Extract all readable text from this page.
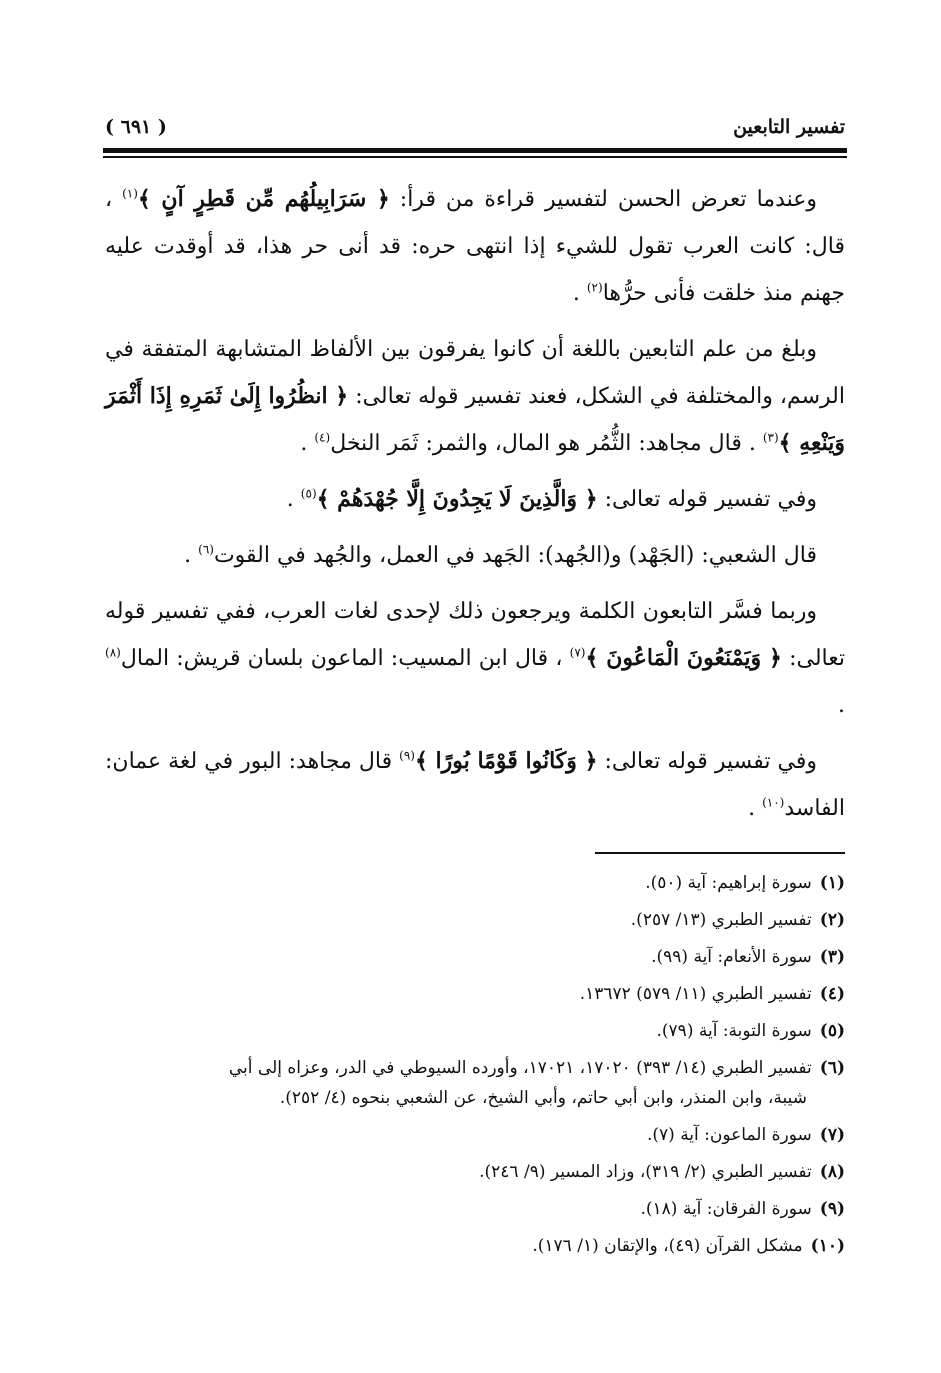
تفسير التابعين
( ٦٩١ )

وعندما تعرض الحسن لتفسير قراءة من قرأ: ﴿ سَرَابِيلُهُم مِّن قَطِرٍ آنٍ ﴾$^{(١)}$ ، قال: كانت العرب تقول للشيء إذا انتهى حره: قد أنى حر هذا، قد أوقدت عليه جهنم منذ خلقت فأنى حرُّها$^{(٢)}$ .

وبلغ من علم التابعين باللغة أن كانوا يفرقون بين الألفاظ المتشابهة المتفقة في الرسم، والمختلفة في الشكل، فعند تفسير قوله تعالى: ﴿ انظُرُوا إِلَىٰ ثَمَرِهِ إِذَا أَثْمَرَ وَيَنْعِهِ ﴾$^{(٣)}$ . قال مجاهد: الثُّمُر هو المال، والثمر: ثَمَر النخل$^{(٤)}$ .

وفي تفسير قوله تعالى: ﴿ وَالَّذِينَ لَا يَجِدُونَ إِلَّا جُهْدَهُمْ ﴾$^{(٥)}$ .

قال الشعبي: (الجَهْد) و(الجُهد): الجَهد في العمل، والجُهد في القوت$^{(٦)}$ .

وربما فسَّر التابعون الكلمة ويرجعون ذلك لإحدى لغات العرب، ففي تفسير قوله تعالى: ﴿ وَيَمْنَعُونَ الْمَاعُونَ ﴾$^{(٧)}$ ، قال ابن المسيب: الماعون بلسان قريش: المال$^{(٨)}$ .

وفي تفسير قوله تعالى: ﴿ وَكَانُوا قَوْمًا بُورًا ﴾$^{(٩)}$ قال مجاهد: البور في لغة عمان: الفاسد$^{(١٠)}$ .

(١)سورة إبراهيم: آية (٥٠).

(٢)تفسير الطبري (١٣/ ٢٥٧).

(٣)سورة الأنعام: آية (٩٩).

(٤)تفسير الطبري (١١/ ٥٧٩) ١٣٦٧٢.

(٥)سورة التوبة: آية (٧٩).

(٦)تفسير الطبري (١٤/ ٣٩٣) ١٧٠٢٠، ١٧٠٢١، وأورده السيوطي في الدر، وعزاه إلى أبي
شيبة، وابن المنذر، وابن أبي حاتم، وأبي الشيخ، عن الشعبي بنحوه (٤/ ٢٥٢).

(٧)سورة الماعون: آية (٧).

(٨)تفسير الطبري (٢/ ٣١٩)، وزاد المسير (٩/ ٢٤٦).

(٩)سورة الفرقان: آية (١٨).

(١٠)مشكل القرآن (٤٩)، والإتقان (١/ ١٧٦).
